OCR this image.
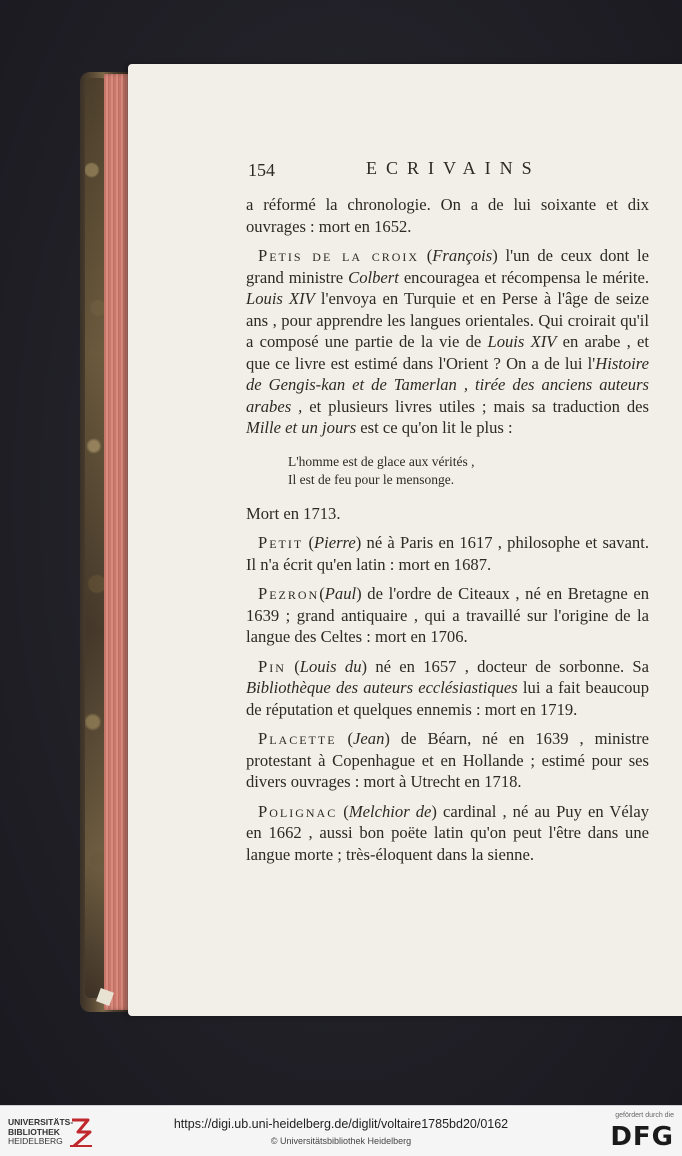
154	ECRIVAINS

a réformé la chronologie. On a de lui soixante et dix ouvrages : mort en 1652.

Petis de la croix (François) l'un de ceux dont le grand ministre Colbert encouragea et récompensa le mérite. Louis XIV l'envoya en Turquie et en Perse à l'âge de seize ans , pour apprendre les langues orientales. Qui croirait qu'il a composé une partie de la vie de Louis XIV en arabe , et que ce livre est estimé dans l'Orient ? On a de lui l'Histoire de Gengis-kan et de Tamerlan , tirée des anciens auteurs arabes , et plusieurs livres utiles ; mais sa traduction des Mille et un jours est ce qu'on lit le plus :

L'homme est de glace aux vérités ,
Il est de feu pour le mensonge.

Mort en 1713.

Petit (Pierre) né à Paris en 1617 , philosophe et savant. Il n'a écrit qu'en latin : mort en 1687.

Pezron(Paul) de l'ordre de Citeaux , né en Bretagne en 1639 ; grand antiquaire , qui a travaillé sur l'origine de la langue des Celtes : mort en 1706.

Pin (Louis du) né en 1657 , docteur de sorbonne. Sa Bibliothèque des auteurs ecclésiastiques lui a fait beaucoup de réputation et quelques ennemis : mort en 1719.

Placette (Jean) de Béarn, né en 1639 , ministre protestant à Copenhague et en Hollande ; estimé pour ses divers ouvrages : mort à Utrecht en 1718.

Polignac (Melchior de) cardinal , né au Puy en Vélay en 1662 , aussi bon poëte latin qu'on peut l'être dans une langue morte ; très-éloquent dans la sienne.

UNIVERSITÄTS-
BIBLIOTHEK
HEIDELBERG
https://digi.ub.uni-heidelberg.de/diglit/voltaire1785bd20/0162
© Universitätsbibliothek Heidelberg
gefördert durch die
DFG
